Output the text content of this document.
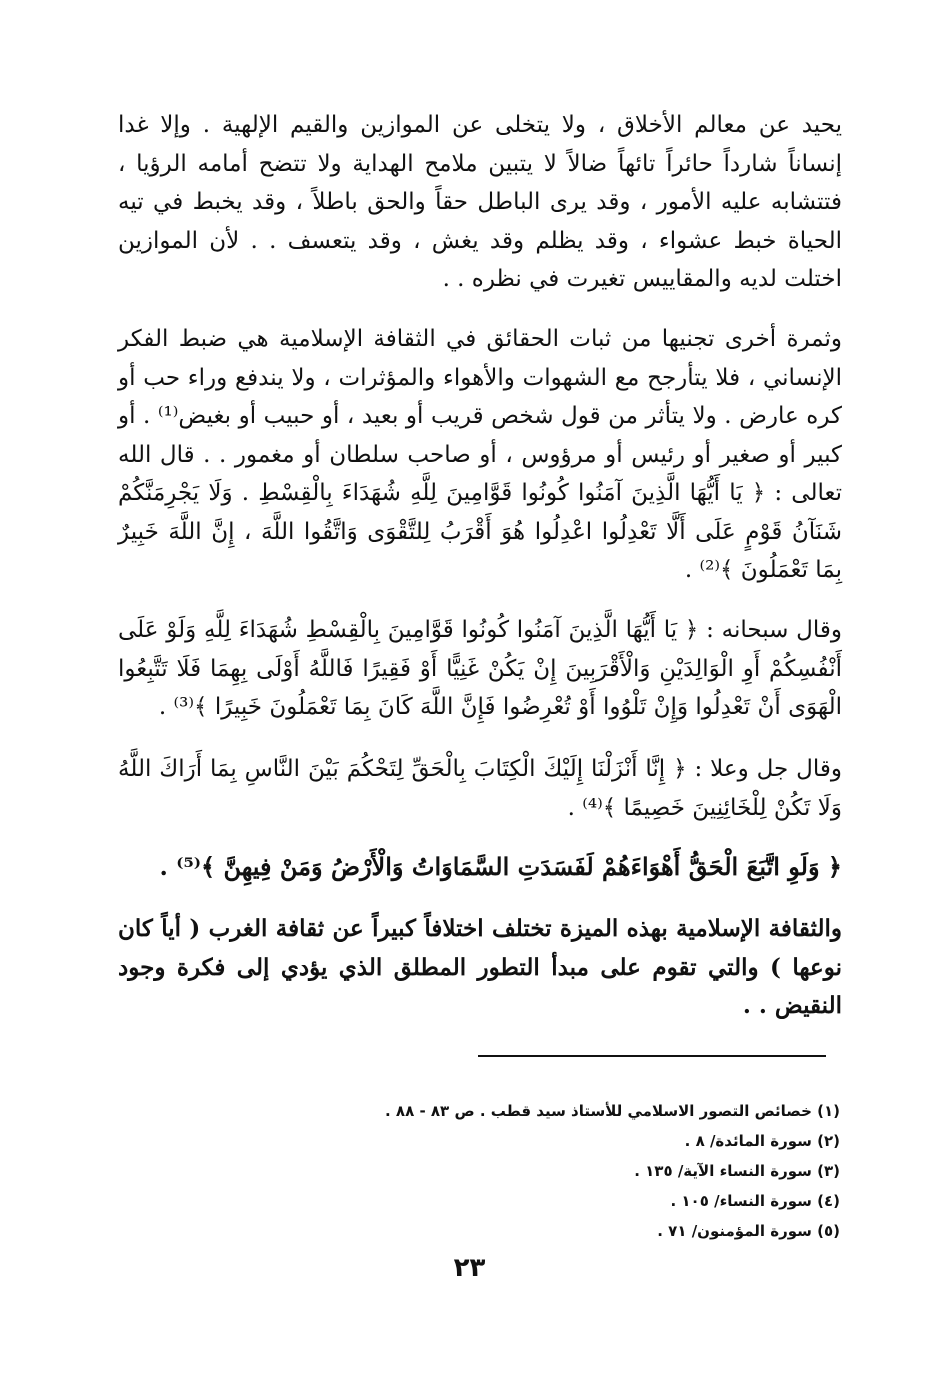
يحيد عن معالم الأخلاق ، ولا يتخلى عن الموازين والقيم الإلهية . وإلا غدا إنساناً شارداً حائراً تائهاً ضالاً لا يتبين ملامح الهداية ولا تتضح أمامه الرؤيا ، فتتشابه عليه الأمور ، وقد يرى الباطل حقاً والحق باطلاً ، وقد يخبط في تيه الحياة خبط عشواء ، وقد يظلم وقد يغش ، وقد يتعسف . . لأن الموازين اختلت لديه والمقاييس تغيرت في نظره . .

وثمرة أخرى تجنيها من ثبات الحقائق في الثقافة الإسلامية هي ضبط الفكر الإنساني ، فلا يتأرجح مع الشهوات والأهواء والمؤثرات ، ولا يندفع وراء حب أو كره عارض . ولا يتأثر من قول شخص قريب أو بعيد ، أو حبيب أو بغيض⁽¹⁾ . أو كبير أو صغير أو رئيس أو مرؤوس ، أو صاحب سلطان أو مغمور . . قال الله تعالى : ﴿ يَا أَيُّهَا الَّذِينَ آمَنُوا كُونُوا قَوَّامِينَ لِلَّهِ شُهَدَاءَ بِالْقِسْطِ . وَلَا يَجْرِمَنَّكُمْ شَنَآنُ قَوْمٍ عَلَى أَلَّا تَعْدِلُوا اعْدِلُوا هُوَ أَقْرَبُ لِلتَّقْوَى وَاتَّقُوا اللَّهَ ، إِنَّ اللَّهَ خَبِيرٌ بِمَا تَعْمَلُونَ ﴾⁽²⁾ .

وقال سبحانه : ﴿ يَا أَيُّهَا الَّذِينَ آمَنُوا كُونُوا قَوَّامِينَ بِالْقِسْطِ شُهَدَاءَ لِلَّهِ وَلَوْ عَلَى أَنْفُسِكُمْ أَوِ الْوَالِدَيْنِ وَالْأَقْرَبِينَ إِنْ يَكُنْ غَنِيًّا أَوْ فَقِيرًا فَاللَّهُ أَوْلَى بِهِمَا فَلَا تَتَّبِعُوا الْهَوَى أَنْ تَعْدِلُوا وَإِنْ تَلْوُوا أَوْ تُعْرِضُوا فَإِنَّ اللَّهَ كَانَ بِمَا تَعْمَلُونَ خَبِيرًا ﴾⁽³⁾ .

وقال جل وعلا : ﴿ إِنَّا أَنْزَلْنَا إِلَيْكَ الْكِتَابَ بِالْحَقِّ لِتَحْكُمَ بَيْنَ النَّاسِ بِمَا أَرَاكَ اللَّهُ وَلَا تَكُنْ لِلْخَائِنِينَ خَصِيمًا ﴾⁽⁴⁾ .

﴿ وَلَوِ اتَّبَعَ الْحَقُّ أَهْوَاءَهُمْ لَفَسَدَتِ السَّمَاوَاتُ وَالْأَرْضُ وَمَنْ فِيهِنَّ ﴾⁽⁵⁾ .

والثقافة الإسلامية بهذه الميزة تختلف اختلافاً كبيراً عن ثقافة الغرب ( أياً كان نوعها ) والتي تقوم على مبدأ التطور المطلق الذي يؤدي إلى فكرة وجود النقيض . .

(١) خصائص التصور الاسلامي للأستاذ سيد قطب . ص ٨٣ - ٨٨ .
(٢) سورة المائدة/ ٨ .
(٣) سورة النساء الآية/ ١٣٥ .
(٤) سورة النساء/ ١٠٥ .
(٥) سورة المؤمنون/ ٧١ .
٢٣
